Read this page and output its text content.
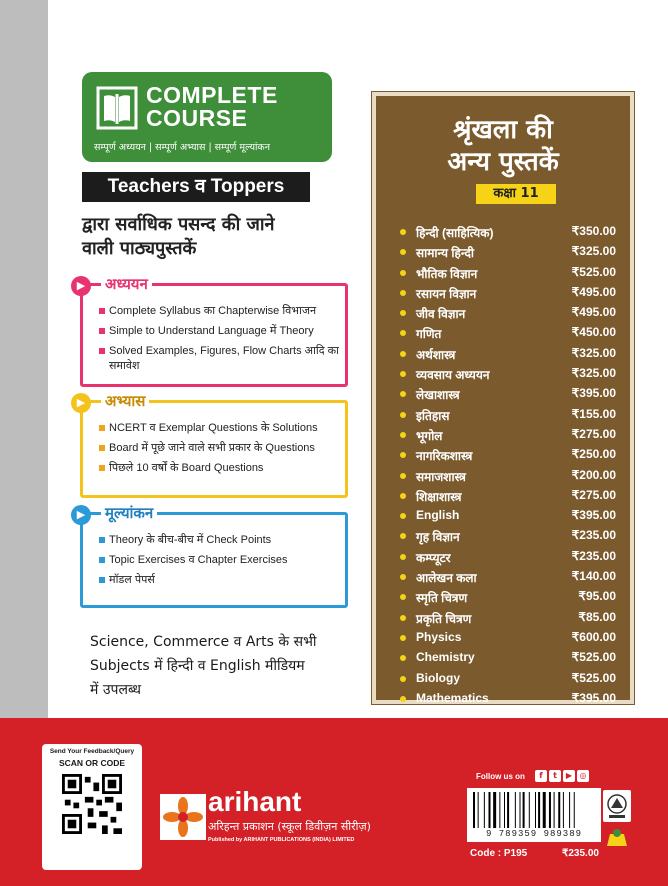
COMPLETE
COURSE
सम्पूर्ण अध्ययन | सम्पूर्ण अभ्यास | सम्पूर्ण मूल्यांकन
Teachers व Toppers
द्वारा सर्वाधिक पसन्द की जाने
वाली पाठ्यपुस्तकें
▶	अध्ययन
Complete Syllabus का Chapterwise विभाजन
Simple to Understand Language में Theory
Solved Examples, Figures, Flow Charts आदि का समावेश
▶	अभ्यास
NCERT व Exemplar Questions के Solutions
Board में पूछे जाने वाले सभी प्रकार के Questions
पिछले 10 वर्षों के Board Questions
▶	मूल्यांकन
Theory के बीच-बीच में Check Points
Topic Exercises व Chapter Exercises
मॉडल पेपर्स
Science, Commerce व Arts के सभी
Subjects में हिन्दी व English मीडियम
में उपलब्ध
श्रृंखला की
अन्य पुस्तकें
कक्षा 11
हिन्दी (साहित्यिक)	₹350.00
सामान्य हिन्दी	₹325.00
भौतिक विज्ञान	₹525.00
रसायन विज्ञान	₹495.00
जीव विज्ञान	₹495.00
गणित	₹450.00
अर्थशास्त्र	₹325.00
व्यवसाय अध्ययन	₹325.00
लेखाशास्त्र	₹395.00
इतिहास	₹155.00
भूगोल	₹275.00
नागरिकशास्त्र	₹250.00
समाजशास्त्र	₹200.00
शिक्षाशास्त्र	₹275.00
English	₹395.00
गृह विज्ञान	₹235.00
कम्प्यूटर	₹235.00
आलेखन कला	₹140.00
स्मृति चित्रण	₹95.00
प्रकृति चित्रण	₹85.00
Physics	₹600.00
Chemistry	₹525.00
Biology	₹525.00
Mathematics	₹395.00
Send Your Feedback/Query
SCAN OR CODE
arihant
अरिहन्त प्रकाशन (स्कूल डिवीज़न सीरीज़)
Published by ARIHANT PUBLICATIONS (INDIA) LIMITED
Follow us on	f	t	▶ ◎
9 789359 989389
Code : P195	₹235.00
